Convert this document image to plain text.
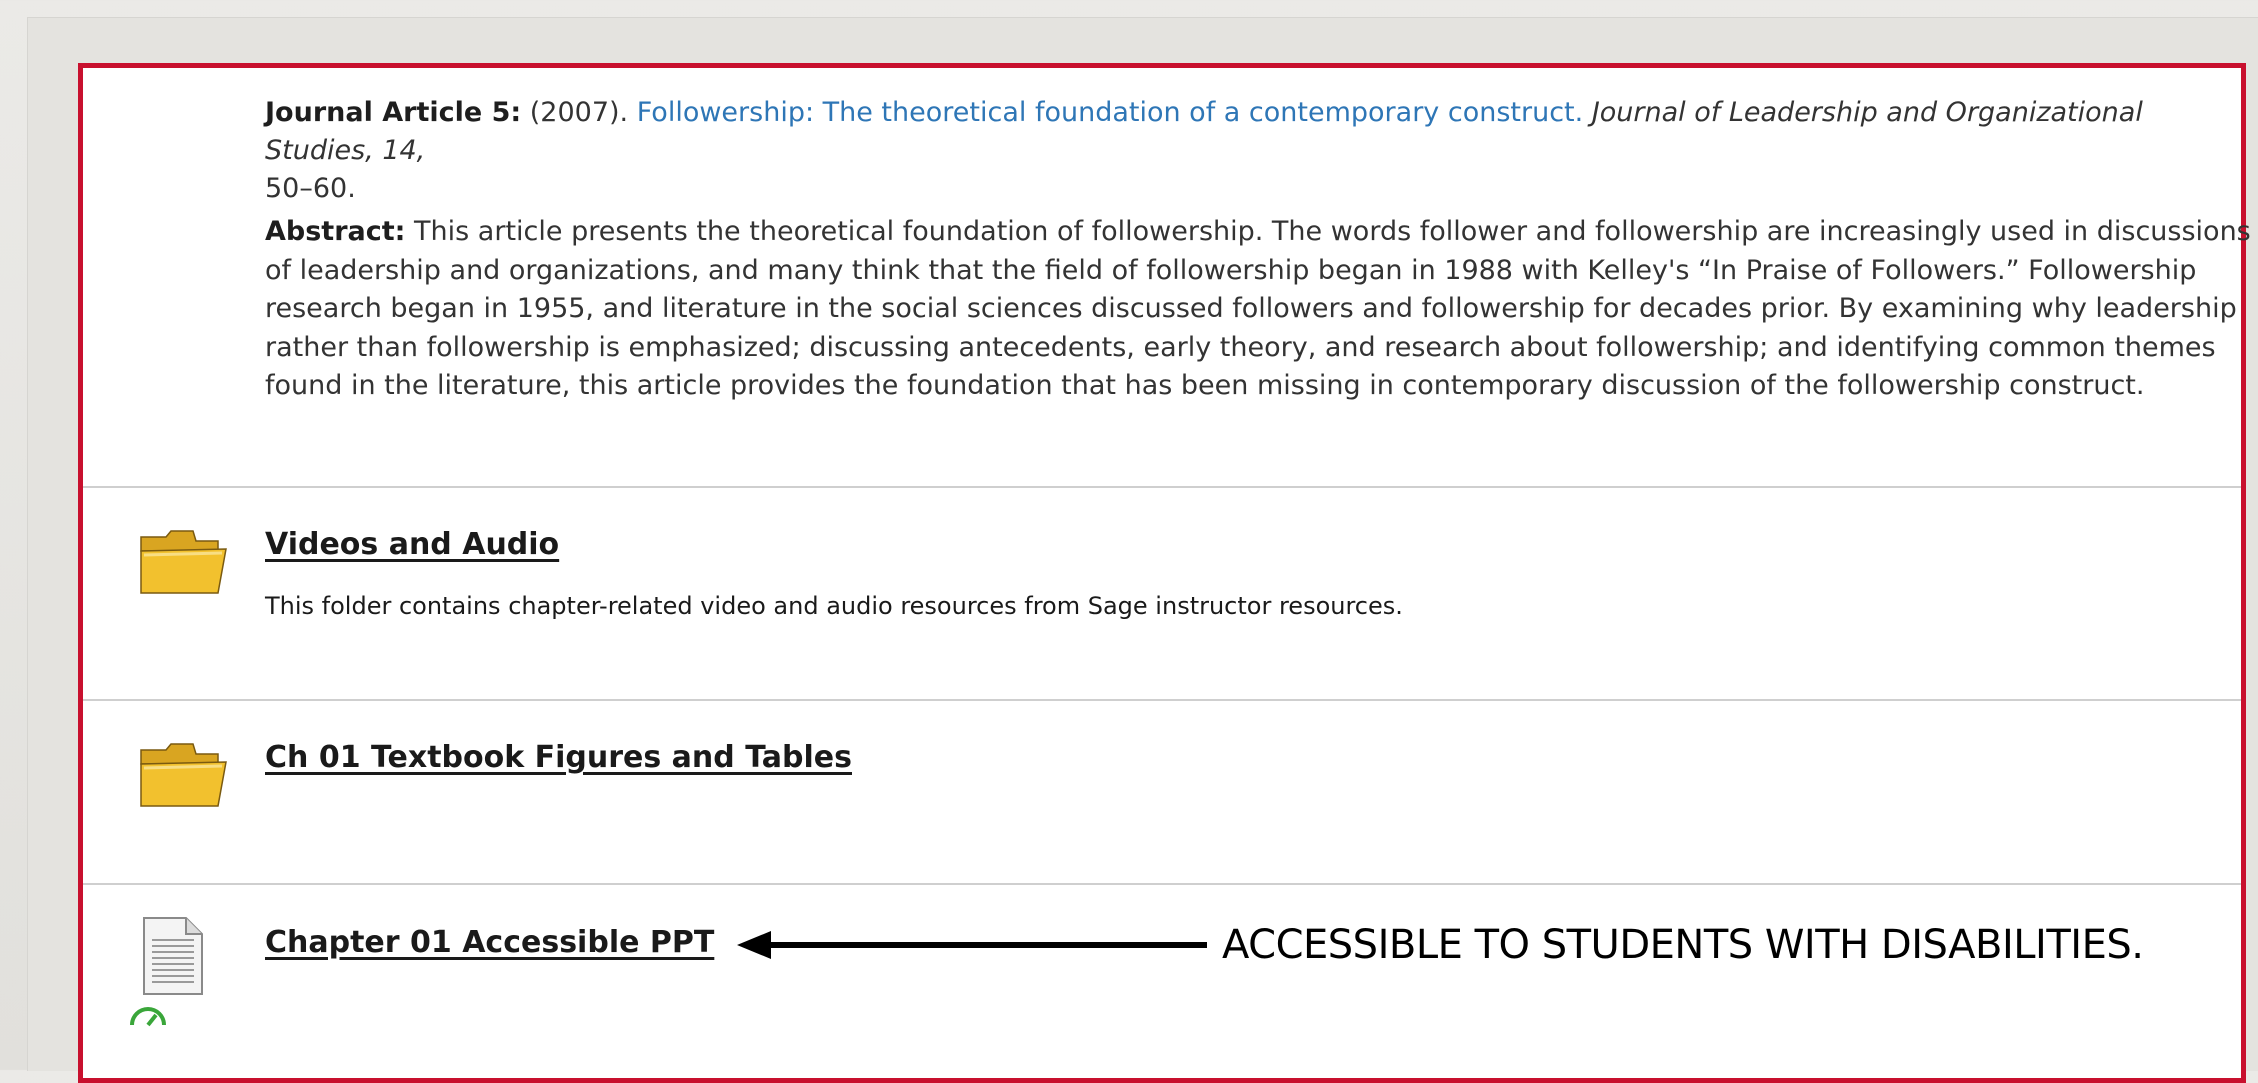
Journal Article 5: (2007). Followership: The theoretical foundation of a contemporary construct. Journal of Leadership and Organizational Studies, 14,
50–60.
Abstract: This article presents the theoretical foundation of followership. The words follower and followership are increasingly used in discussions of leadership and organizations, and many think that the field of followership began in 1988 with Kelley's “In Praise of Followers.” Followership research began in 1955, and literature in the social sciences discussed followers and followership for decades prior. By examining why leadership rather than followership is emphasized; discussing antecedents, early theory, and research about followership; and identifying common themes found in the literature, this article provides the foundation that has been missing in contemporary discussion of the followership construct.
Videos and Audio
This folder contains chapter-related video and audio resources from Sage instructor resources.
Ch 01 Textbook Figures and Tables
Chapter 01 Accessible PPT	ACCESSIBLE TO STUDENTS WITH DISABILITIES.
